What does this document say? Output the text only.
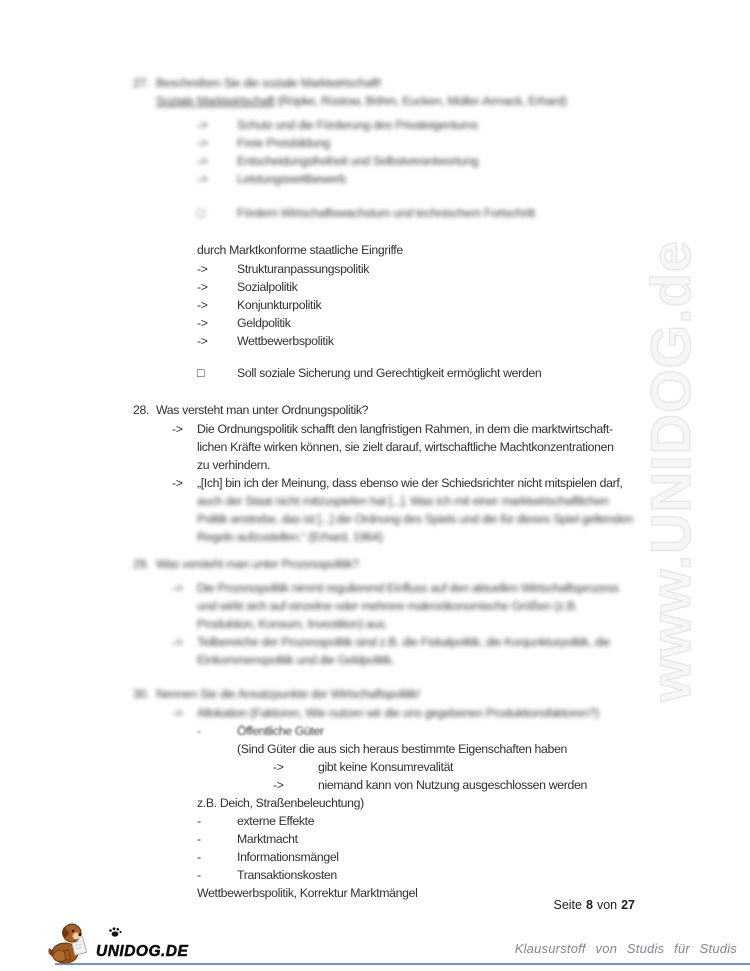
www.UNIDOG.de
27. Beschreiben Sie die soziale Marktwirtschaft!
Soziale Marktwirtschaft (Röpke, Rüstow, Böhm, Eucken, Müller-Armack, Erhard)
-> Schutz und die Förderung des Privateigentums
-> Freie Preisbildung
-> Entscheidungsfreiheit und Selbstverantwortung
-> Leistungswettbewerb
□	Fördern Wirtschaftswachstum und technischem Fortschritt
durch Marktkonforme staatliche Eingriffe
-> Strukturanpassungspolitik
-> Sozialpolitik
-> Konjunkturpolitik
-> Geldpolitik
-> Wettbewerbspolitik
□	Soll soziale Sicherung und Gerechtigkeit ermöglicht werden
28. Was versteht man unter Ordnungspolitik?
-> Die Ordnungspolitik schafft den langfristigen Rahmen, in dem die marktwirtschaft-
lichen Kräfte wirken können, sie zielt darauf, wirtschaftliche Machtkonzentrationen
zu verhindern.
-> „[Ich] bin ich der Meinung, dass ebenso wie der Schiedsrichter nicht mitspielen darf,
auch der Staat nicht mitzuspielen hat [...]. Was ich mit einer marktwirtschaftlichen
Politik anstrebe, das ist [...] die Ordnung des Spiels und die für dieses Spiel geltenden
Regeln aufzustellen.“ (Erhard, 1964)
29. Was versteht man unter Prozesspolitik?
-> Die Prozesspolitik nimmt regulierend Einfluss auf den aktuellen Wirtschaftsprozess
und wirkt sich auf einzelne oder mehrere makroökonomische Größen (z.B.
Produktion, Konsum, Investition) aus.
-> Teilbereiche der Prozesspolitik sind z.B. die Fiskalpolitik, die Konjunkturpolitik, die
Einkommenspolitik und die Geldpolitik.
30. Nennen Sie die Ansatzpunkte der Wirtschaftspolitik!
-> Allokation (Faktoren, Wie nutzen wir die uns gegebenen Produktionsfaktoren?)
-	Öffentliche Güter
(Sind Güter die aus sich heraus bestimmte Eigenschaften haben
->	gibt keine Konsumrevalität
->	niemand kann von Nutzung ausgeschlossen werden
z.B. Deich, Straßenbeleuchtung)
-	externe Effekte
-	Marktmacht
-	Informationsmängel
-	Transaktionskosten
Wettbewerbspolitik, Korrektur Marktmängel
Seite 8 von 27
UNIDOG.DE	Klausurstoff von Studis für Studis
